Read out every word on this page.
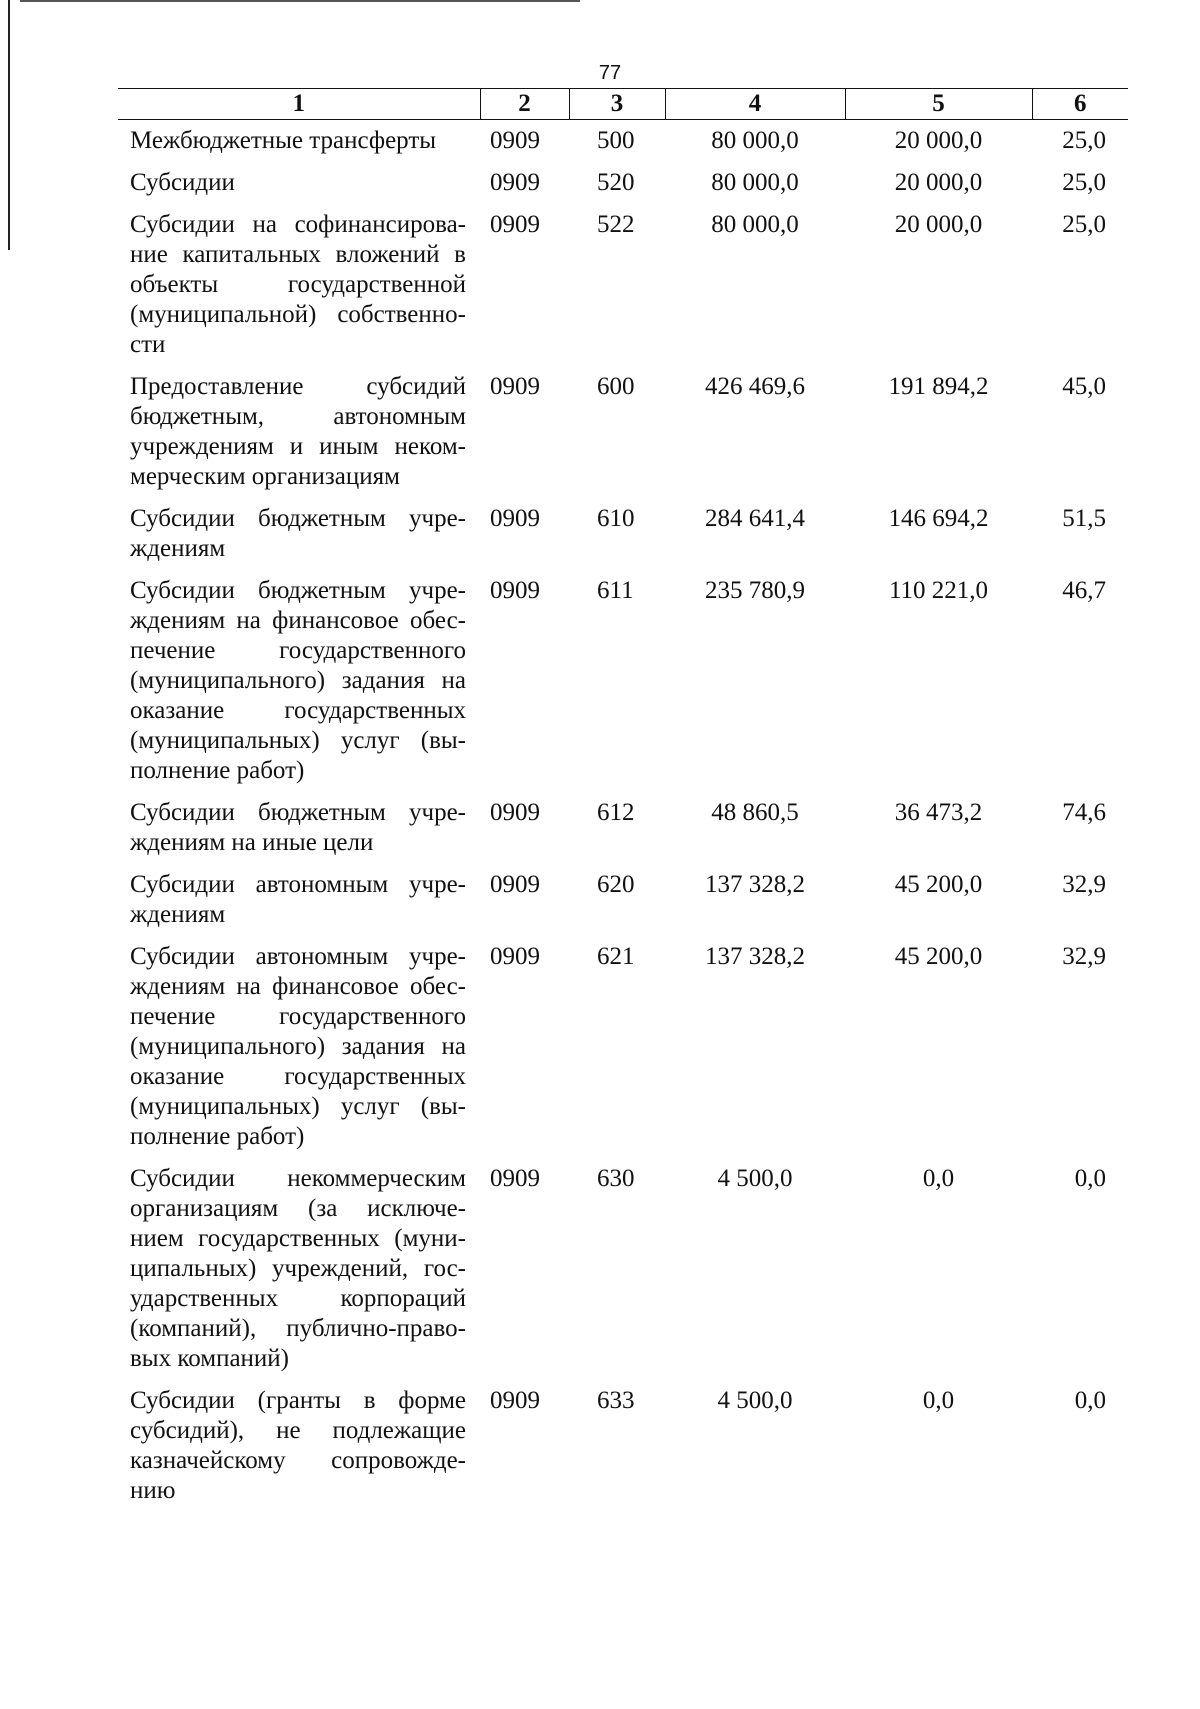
77
1	2	3	4	5	6
Межбюджетные трансферты	0909	500	80 000,0	20 000,0	25,0
Субсидии	0909	520	80 000,0	20 000,0	25,0
Субсидии на софинансирова-ние капитальных вложений в объекты государственной (муниципальной) собственно-сти	0909	522	80 000,0	20 000,0	25,0
Предоставление субсидий бюджетным, автономным учреждениям и иным неком-мерческим организациям	0909	600	426 469,6	191 894,2	45,0
Субсидии бюджетным учре-ждениям	0909	610	284 641,4	146 694,2	51,5
Субсидии бюджетным учре-ждениям на финансовое обес-печение государственного (муниципального) задания на оказание государственных (муниципальных) услуг (вы-полнение работ)	0909	611	235 780,9	110 221,0	46,7
Субсидии бюджетным учре-ждениям на иные цели	0909	612	48 860,5	36 473,2	74,6
Субсидии автономным учре-ждениям	0909	620	137 328,2	45 200,0	32,9
Субсидии автономным учре-ждениям на финансовое обес-печение государственного (муниципального) задания на оказание государственных (муниципальных) услуг (вы-полнение работ)	0909	621	137 328,2	45 200,0	32,9
Субсидии некоммерческим организациям (за исключе-нием государственных (муни-ципальных) учреждений, гос-ударственных корпораций (компаний), публично-право-вых компаний)	0909	630	4 500,0	0,0	0,0
Субсидии (гранты в форме субсидий), не подлежащие казначейскому сопровожде-нию	0909	633	4 500,0	0,0	0,0
